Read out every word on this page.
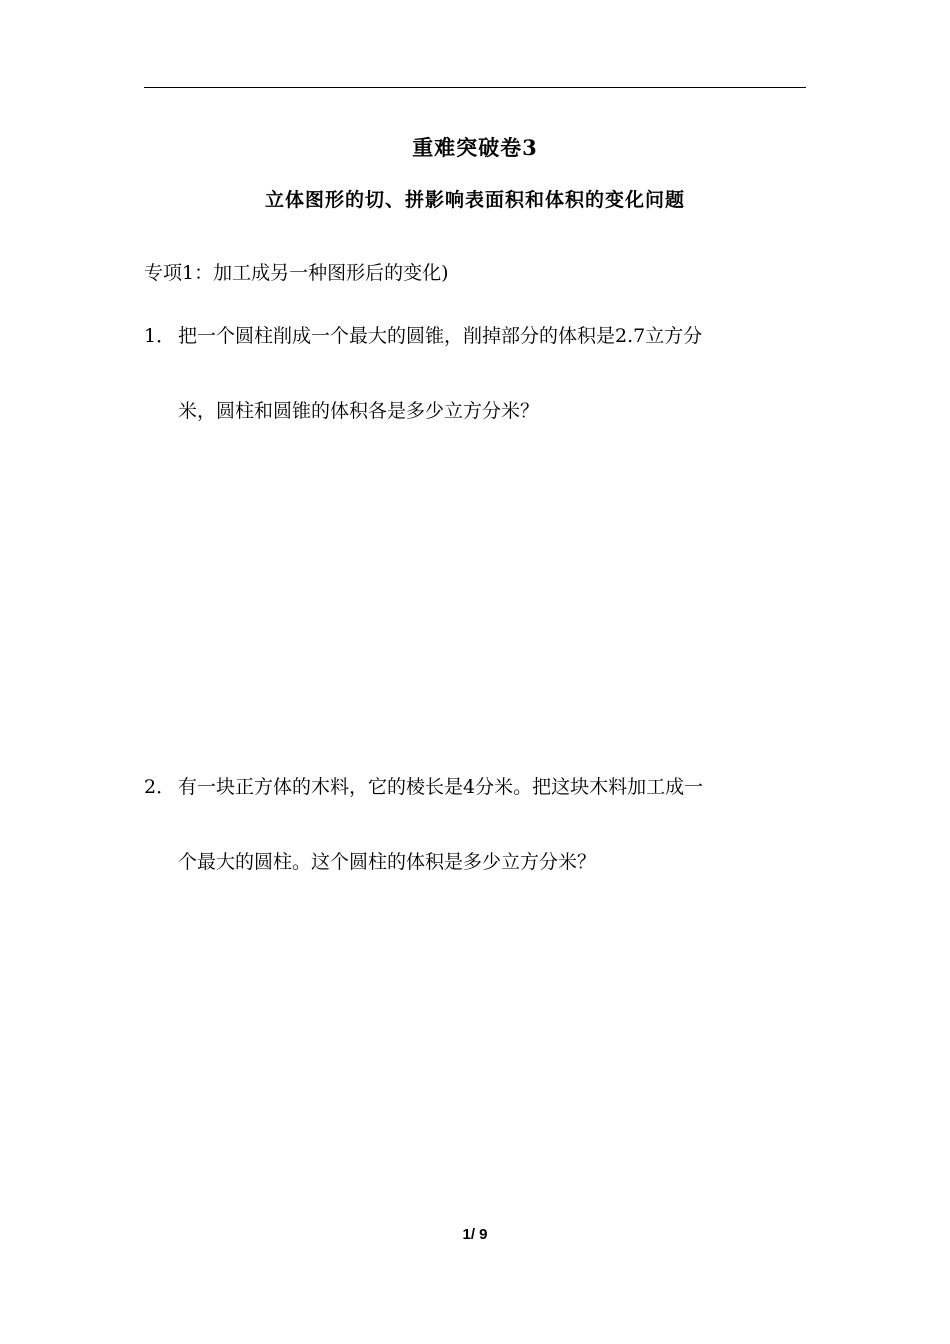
重难突破卷3
立体图形的切、拼影响表面积和体积的变化问题
专项1：加工成另一种图形后的变化)
1． 把一个圆柱削成一个最大的圆锥，削掉部分的体积是2.7立方分
米，圆柱和圆锥的体积各是多少立方分米？
2． 有一块正方体的木料，它的棱长是4分米。把这块木料加工成一
个最大的圆柱。这个圆柱的体积是多少立方分米？
1/ 9
